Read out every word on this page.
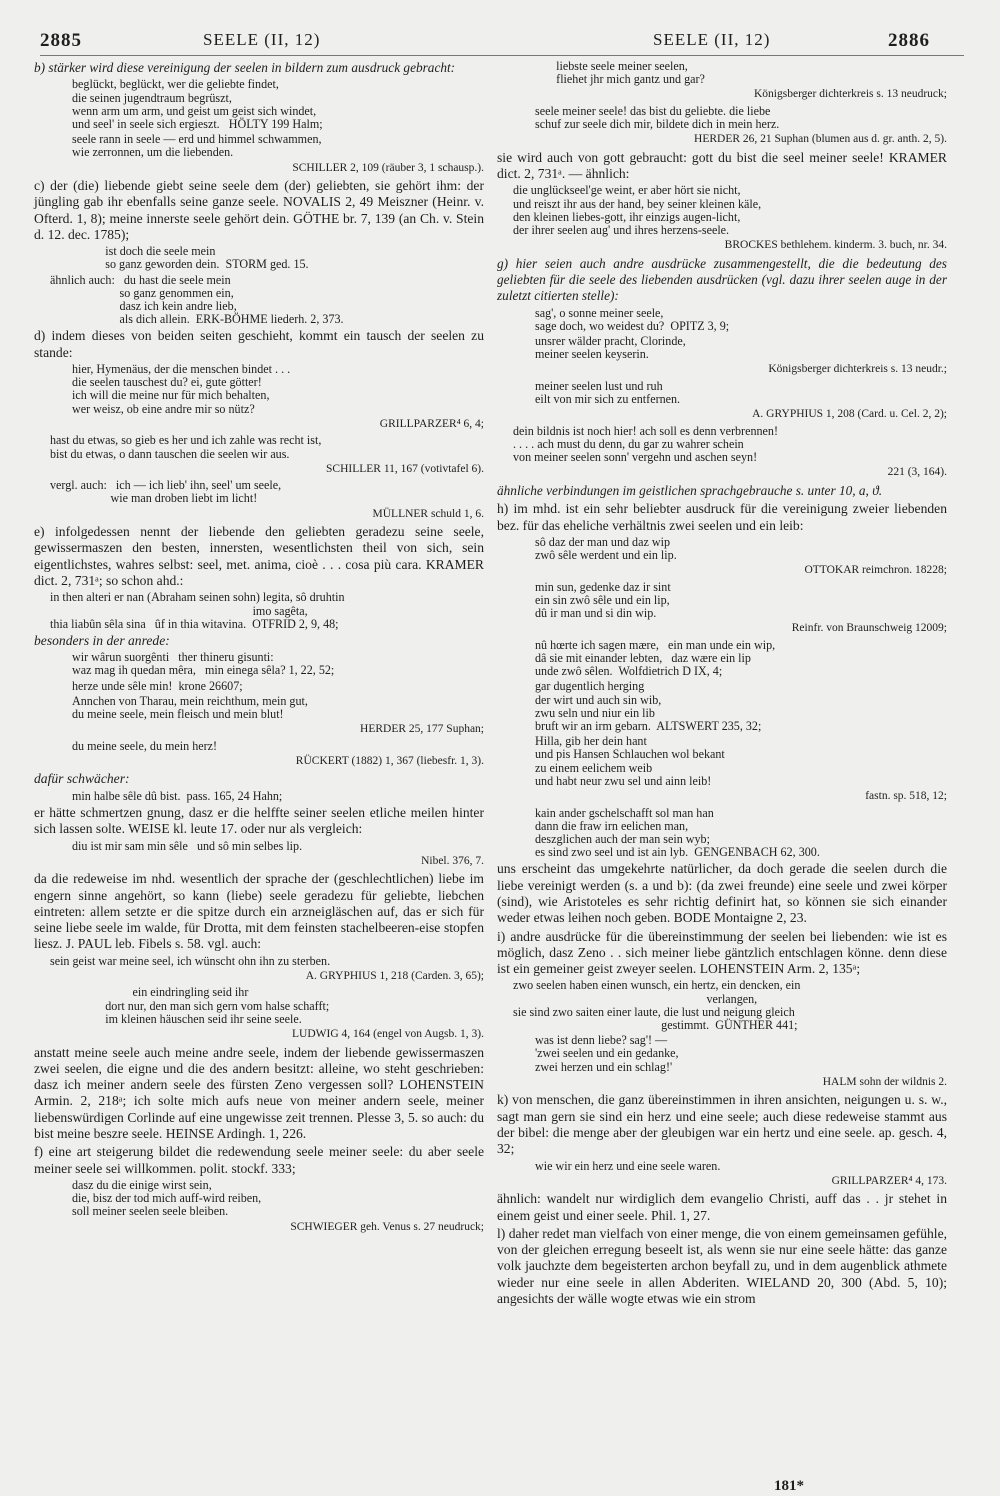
2885	SEELE (II, 12)	SEELE (II, 12)	2886

b) stärker wird diese vereinigung der seelen in bildern zum ausdruck gebracht:

beglückt, beglückt, wer die geliebte findet,
die seinen jugendtraum begrüszt,
wenn arm um arm, und geist um geist sich windet,
und seel' in seele sich ergieszt.   HÖLTY 199 Halm;

seele rann in seele — erd und himmel schwammen,
wie zerronnen, um die liebenden.

SCHILLER 2, 109 (räuber 3, 1 schausp.).

c) der (die) liebende giebt seine seele dem (der) geliebten, sie gehört ihm: der jüngling gab ihr ebenfalls seine ganze seele. NOVALIS 2, 49 Meiszner (Heinr. v. Ofterd. 1, 8); meine innerste seele gehört dein. GÖTHE br. 7, 139 (an Ch. v. Stein d. 12. dec. 1785);

ist doch die seele mein
so ganz geworden dein.  STORM ged. 15.

ähnlich auch:   du hast die seele mein
so ganz genommen ein,
dasz ich kein andre lieb,
als dich allein.  ERK-BÖHME liederh. 2, 373.

d) indem dieses von beiden seiten geschieht, kommt ein tausch der seelen zu stande:

hier, Hymenäus, der die menschen bindet . . .
die seelen tauschest du? ei, gute götter!
ich will die meine nur für mich behalten,
wer weisz, ob eine andre mir so nütz?

GRILLPARZER⁴ 6, 4;

hast du etwas, so gieb es her und ich zahle was recht ist,
bist du etwas, o dann tauschen die seelen wir aus.

SCHILLER 11, 167 (votivtafel 6).

vergl. auch:   ich — ich lieb' ihn, seel' um seele,
wie man droben liebt im licht!

MÜLLNER schuld 1, 6.

e) infolgedessen nennt der liebende den geliebten geradezu seine seele, gewissermaszen den besten, innersten, wesentlichsten theil von sich, sein eigentlichstes, wahres selbst: seel, met. anima, cioè . . . cosa più cara. KRAMER dict. 2, 731ᵃ; so schon ahd.:

in then alteri er nan (Abraham seinen sohn) legita, sô druhtin
imo sagêta,
thia liabûn sêla sina   ûf in thia witavina.  OTFRID 2, 9, 48;

besonders in der anrede:

wir wârun suorgênti   ther thineru gisunti:
waz mag ih quedan mêra,   min einega sêla? 1, 22, 52;

herze unde sêle min!  krone 26607;

Annchen von Tharau, mein reichthum, mein gut,
du meine seele, mein fleisch und mein blut!

HERDER 25, 177 Suphan;

du meine seele, du mein herz!

RÜCKERT (1882) 1, 367 (liebesfr. 1, 3).

dafür schwächer:

min halbe sêle dû bist.  pass. 165, 24 Hahn;

er hätte schmertzen gnung, dasz er die helffte seiner seelen etliche meilen hinter sich lassen solte. WEISE kl. leute 17. oder nur als vergleich:

diu ist mir sam min sêle   und sô min selbes lip.

Nibel. 376, 7.

da die redeweise im nhd. wesentlich der sprache der (geschlechtlichen) liebe im engern sinne angehört, so kann (liebe) seele geradezu für geliebte, liebchen eintreten: allem setzte er die spitze durch ein arzneigläschen auf, das er sich für seine liebe seele im walde, für Drotta, mit dem feinsten stachelbeeren-eise stopfen liesz. J. PAUL leb. Fibels s. 58. vgl. auch:

sein geist war meine seel, ich wünscht ohn ihn zu sterben.

A. GRYPHIUS 1, 218 (Carden. 3, 65);

ein eindringling seid ihr
dort nur, den man sich gern vom halse schafft;
im kleinen häuschen seid ihr seine seele.

LUDWIG 4, 164 (engel von Augsb. 1, 3).

anstatt meine seele auch meine andre seele, indem der liebende gewissermaszen zwei seelen, die eigne und die des andern besitzt: alleine, wo steht geschrieben: dasz ich meiner andern seele des fürsten Zeno vergessen soll? LOHENSTEIN Armin. 2, 218ᵃ; ich solte mich aufs neue von meiner andern seele, meiner liebenswürdigen Corlinde auf eine ungewisse zeit trennen. Plesse 3, 5. so auch: du bist meine beszre seele. HEINSE Ardingh. 1, 226.

f) eine art steigerung bildet die redewendung seele meiner seele: du aber seele meiner seele sei willkommen. polit. stockf. 333;

dasz du die einige wirst sein,
die, bisz der tod mich auff-wird reiben,
soll meiner seelen seele bleiben.

SCHWIEGER geh. Venus s. 27 neudruck;

liebste seele meiner seelen,
fliehet jhr mich gantz und gar?

Königsberger dichterkreis s. 13 neudruck;

seele meiner seele! das bist du geliebte. die liebe
schuf zur seele dich mir, bildete dich in mein herz.

HERDER 26, 21 Suphan (blumen aus d. gr. anth. 2, 5).

sie wird auch von gott gebraucht: gott du bist die seel meiner seele! KRAMER dict. 2, 731ᵃ. — ähnlich:

die unglückseel'ge weint, er aber hört sie nicht,
und reiszt ihr aus der hand, bey seiner kleinen käle,
den kleinen liebes-gott, ihr einzigs augen-licht,
der ihrer seelen aug' und ihres herzens-seele.

BROCKES bethlehem. kinderm. 3. buch, nr. 34.

g) hier seien auch andre ausdrücke zusammengestellt, die die bedeutung des geliebten für die seele des liebenden ausdrücken (vgl. dazu ihrer seelen auge in der zuletzt citierten stelle):

sag', o sonne meiner seele,
sage doch, wo weidest du?  OPITZ 3, 9;

unsrer wälder pracht, Clorinde,
meiner seelen keyserin.

Königsberger dichterkreis s. 13 neudr.;

meiner seelen lust und ruh
eilt von mir sich zu entfernen.

A. GRYPHIUS 1, 208 (Card. u. Cel. 2, 2);

dein bildnis ist noch hier! ach soll es denn verbrennen!
. . . . ach must du denn, du gar zu wahrer schein
von meiner seelen sonn' vergehn und aschen seyn!

221 (3, 164).

ähnliche verbindungen im geistlichen sprachgebrauche s. unter 10, a, ϑ.

h) im mhd. ist ein sehr beliebter ausdruck für die vereinigung zweier liebenden bez. für das eheliche verhältnis zwei seelen und ein leib:

sô daz der man und daz wip
zwô sêle werdent und ein lip.

OTTOKAR reimchron. 18228;

min sun, gedenke daz ir sint
ein sin zwô sêle und ein lip,
dû ir man und si din wip.

Reinfr. von Braunschweig 12009;

nû hœrte ich sagen mære,   ein man unde ein wip,
dâ sie mit einander lebten,   daz wære ein lip
unde zwô sêlen.  Wolfdietrich D IX, 4;

gar dugentlich herging
der wirt und auch sin wib,
zwu seln und niur ein lib
bruft wir an irm gebarn.  ALTSWERT 235, 32;

Hilla, gib her dein hant
und pis Hansen Schlauchen wol bekant
zu einem eelichem weib
und habt neur zwu sel und ainn leib!

fastn. sp. 518, 12;

kain ander gschelschafft sol man han
dann die fraw irn eelichen man,
deszglichen auch der man sein wyb;
es sind zwo seel und ist ain lyb.  GENGENBACH 62, 300.

uns erscheint das umgekehrte natürlicher, da doch gerade die seelen durch die liebe vereinigt werden (s. a und b): (da zwei freunde) eine seele und zwei körper (sind), wie Aristoteles es sehr richtig definirt hat, so können sie sich einander weder etwas leihen noch geben. BODE Montaigne 2, 23.

i) andre ausdrücke für die übereinstimmung der seelen bei liebenden: wie ist es möglich, dasz Zeno . . sich meiner liebe gäntzlich entschlagen könne. denn diese ist ein gemeiner geist zweyer seelen. LOHENSTEIN Arm. 2, 135ᵃ;

zwo seelen haben einen wunsch, ein hertz, ein dencken, ein
verlangen,
sie sind zwo saiten einer laute, die lust und neigung gleich
gestimmt.  GÜNTHER 441;

was ist denn liebe? sag'! —
'zwei seelen und ein gedanke,
zwei herzen und ein schlag!'

HALM sohn der wildnis 2.

k) von menschen, die ganz übereinstimmen in ihren ansichten, neigungen u. s. w., sagt man gern sie sind ein herz und eine seele; auch diese redeweise stammt aus der bibel: die menge aber der gleubigen war ein hertz und eine seele. ap. gesch. 4, 32;

wie wir ein herz und eine seele waren.

GRILLPARZER⁴ 4, 173.

ähnlich: wandelt nur wirdiglich dem evangelio Christi, auff das . . jr stehet in einem geist und einer seele. Phil. 1, 27.

l) daher redet man vielfach von einer menge, die von einem gemeinsamen gefühle, von der gleichen erregung beseelt ist, als wenn sie nur eine seele hätte: das ganze volk jauchzte dem begeisterten archon beyfall zu, und in dem augenblick athmete wieder nur eine seele in allen Abderiten. WIELAND 20, 300 (Abd. 5, 10); angesichts der wälle wogte etwas wie ein strom

181*
